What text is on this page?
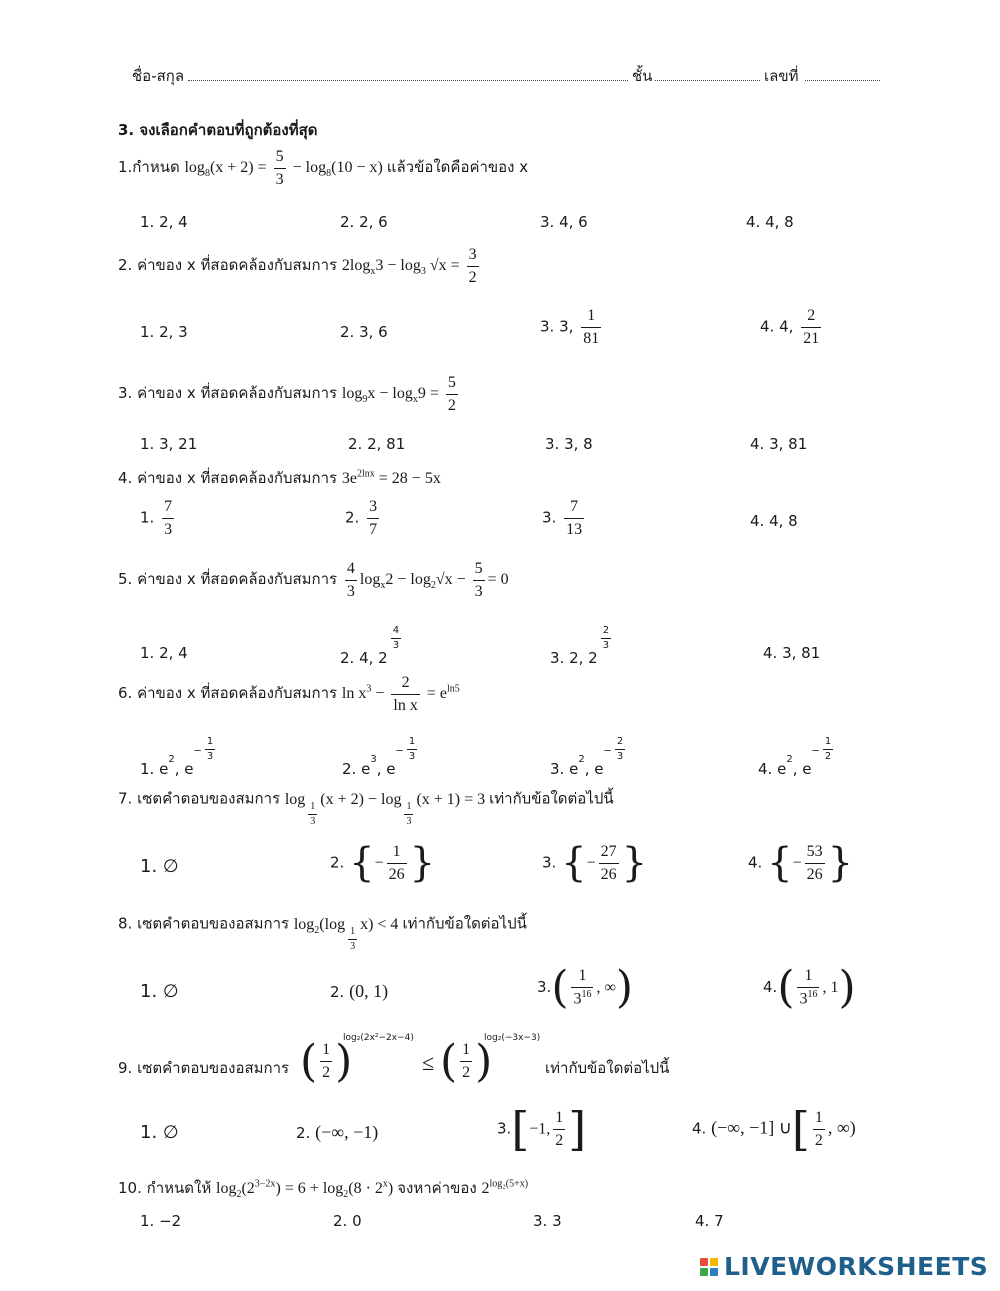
ชื่อ-สกุล	ชั้น	เลขที่
3. จงเลือกคำตอบที่ถูกต้องที่สุด
1.กำหนด $\log_8(x + 2) = \frac{5}{3} - \log_8(10 - x)$ แล้วข้อใดคือค่าของ x
1. 2, 4	2. 2, 6	3. 4, 6	4. 4, 8
2. ค่าของ x ที่สอดคล้องกับสมการ $2\log_x3 - \log_3 √x = \frac{3}{2}$
1. 2, 3	2. 3, 6	3. 3, $\frac{1}{81}$	4. 4, $\frac{2}{21}$
3. ค่าของ x ที่สอดคล้องกับสมการ $\log_9x - \log_x9 = \frac{5}{2}$
1. 3, 21	2. 2, 81	3. 3, 8	4. 3, 81
4. ค่าของ x ที่สอดคล้องกับสมการ $3e^{2lnx} = 28 - 5x$
1. $\frac{7}{3}$	2. $\frac{3}{7}$	3. $\frac{7}{13}$	4. 4, 8
5. ค่าของ x ที่สอดคล้องกับสมการ $\frac{4}{3} \log_x2 - \log_2√x - \frac{5}{3} = 0$
1. 2, 4	2. 4, 2
$\frac{4}{3}$
3. 2, 2
$\frac{2}{3}$
4. 3, 81
6. ค่าของ x ที่สอดคล้องกับสมการ $\ln x^3 - \frac{2}{\text{ln x}} = e^{ln5}$
1. $e^2$, $e- \frac{1}{3}$
2. $e^3$, $e- \frac{1}{3}$
3. $e^2$, $e- \frac{2}{3}$
4. $e^2$, $e- \frac{1}{2}$
7. เซตคำตอบของสมการ log
$\frac{1}{3}$
(x + 2) − log
$\frac{1}{3}$
(x + 1) = 3 เท่ากับข้อใดต่อไปนี้
1. ∅	2. {− $\frac{1}{26}$ }	3. {− $\frac{27}{26}$ }	4. {− $\frac{53}{26}$ }
8. เซตคำตอบของอสมการ $\log_2(\log$
$\frac{1}{3}$
x) < 4 เท่ากับข้อใดต่อไปนี้
1. ∅	2. (0, 1)	$3.( \frac{1}{3^{16}}$ , ∞)	$4.( \frac{1}{3^{16}}$ , 1)
9. เซตคำตอบของอสมการ ( $\frac{1}{2}$ )
log₂(2x²−2x−4)
≤ ( $\frac{1}{2}$ )
log₂(−3x−3)
เท่ากับข้อใดต่อไปนี้
1. ∅	2. (−∞, −1)	3.[−1, $\frac{1}{2}$ ]	4. (−∞, −1] ∪[ $\frac{1}{2}$ , ∞)
10. กำหนดให้ $\log_2(2^{3-2x}) = 6 + \log_2(8 \cdot 2^x)$ จงหาค่าของ $2^{log_2(5+x)}$
1. −2	2. 0	3. 3	4. 7
LIVEWORKSHEETS
